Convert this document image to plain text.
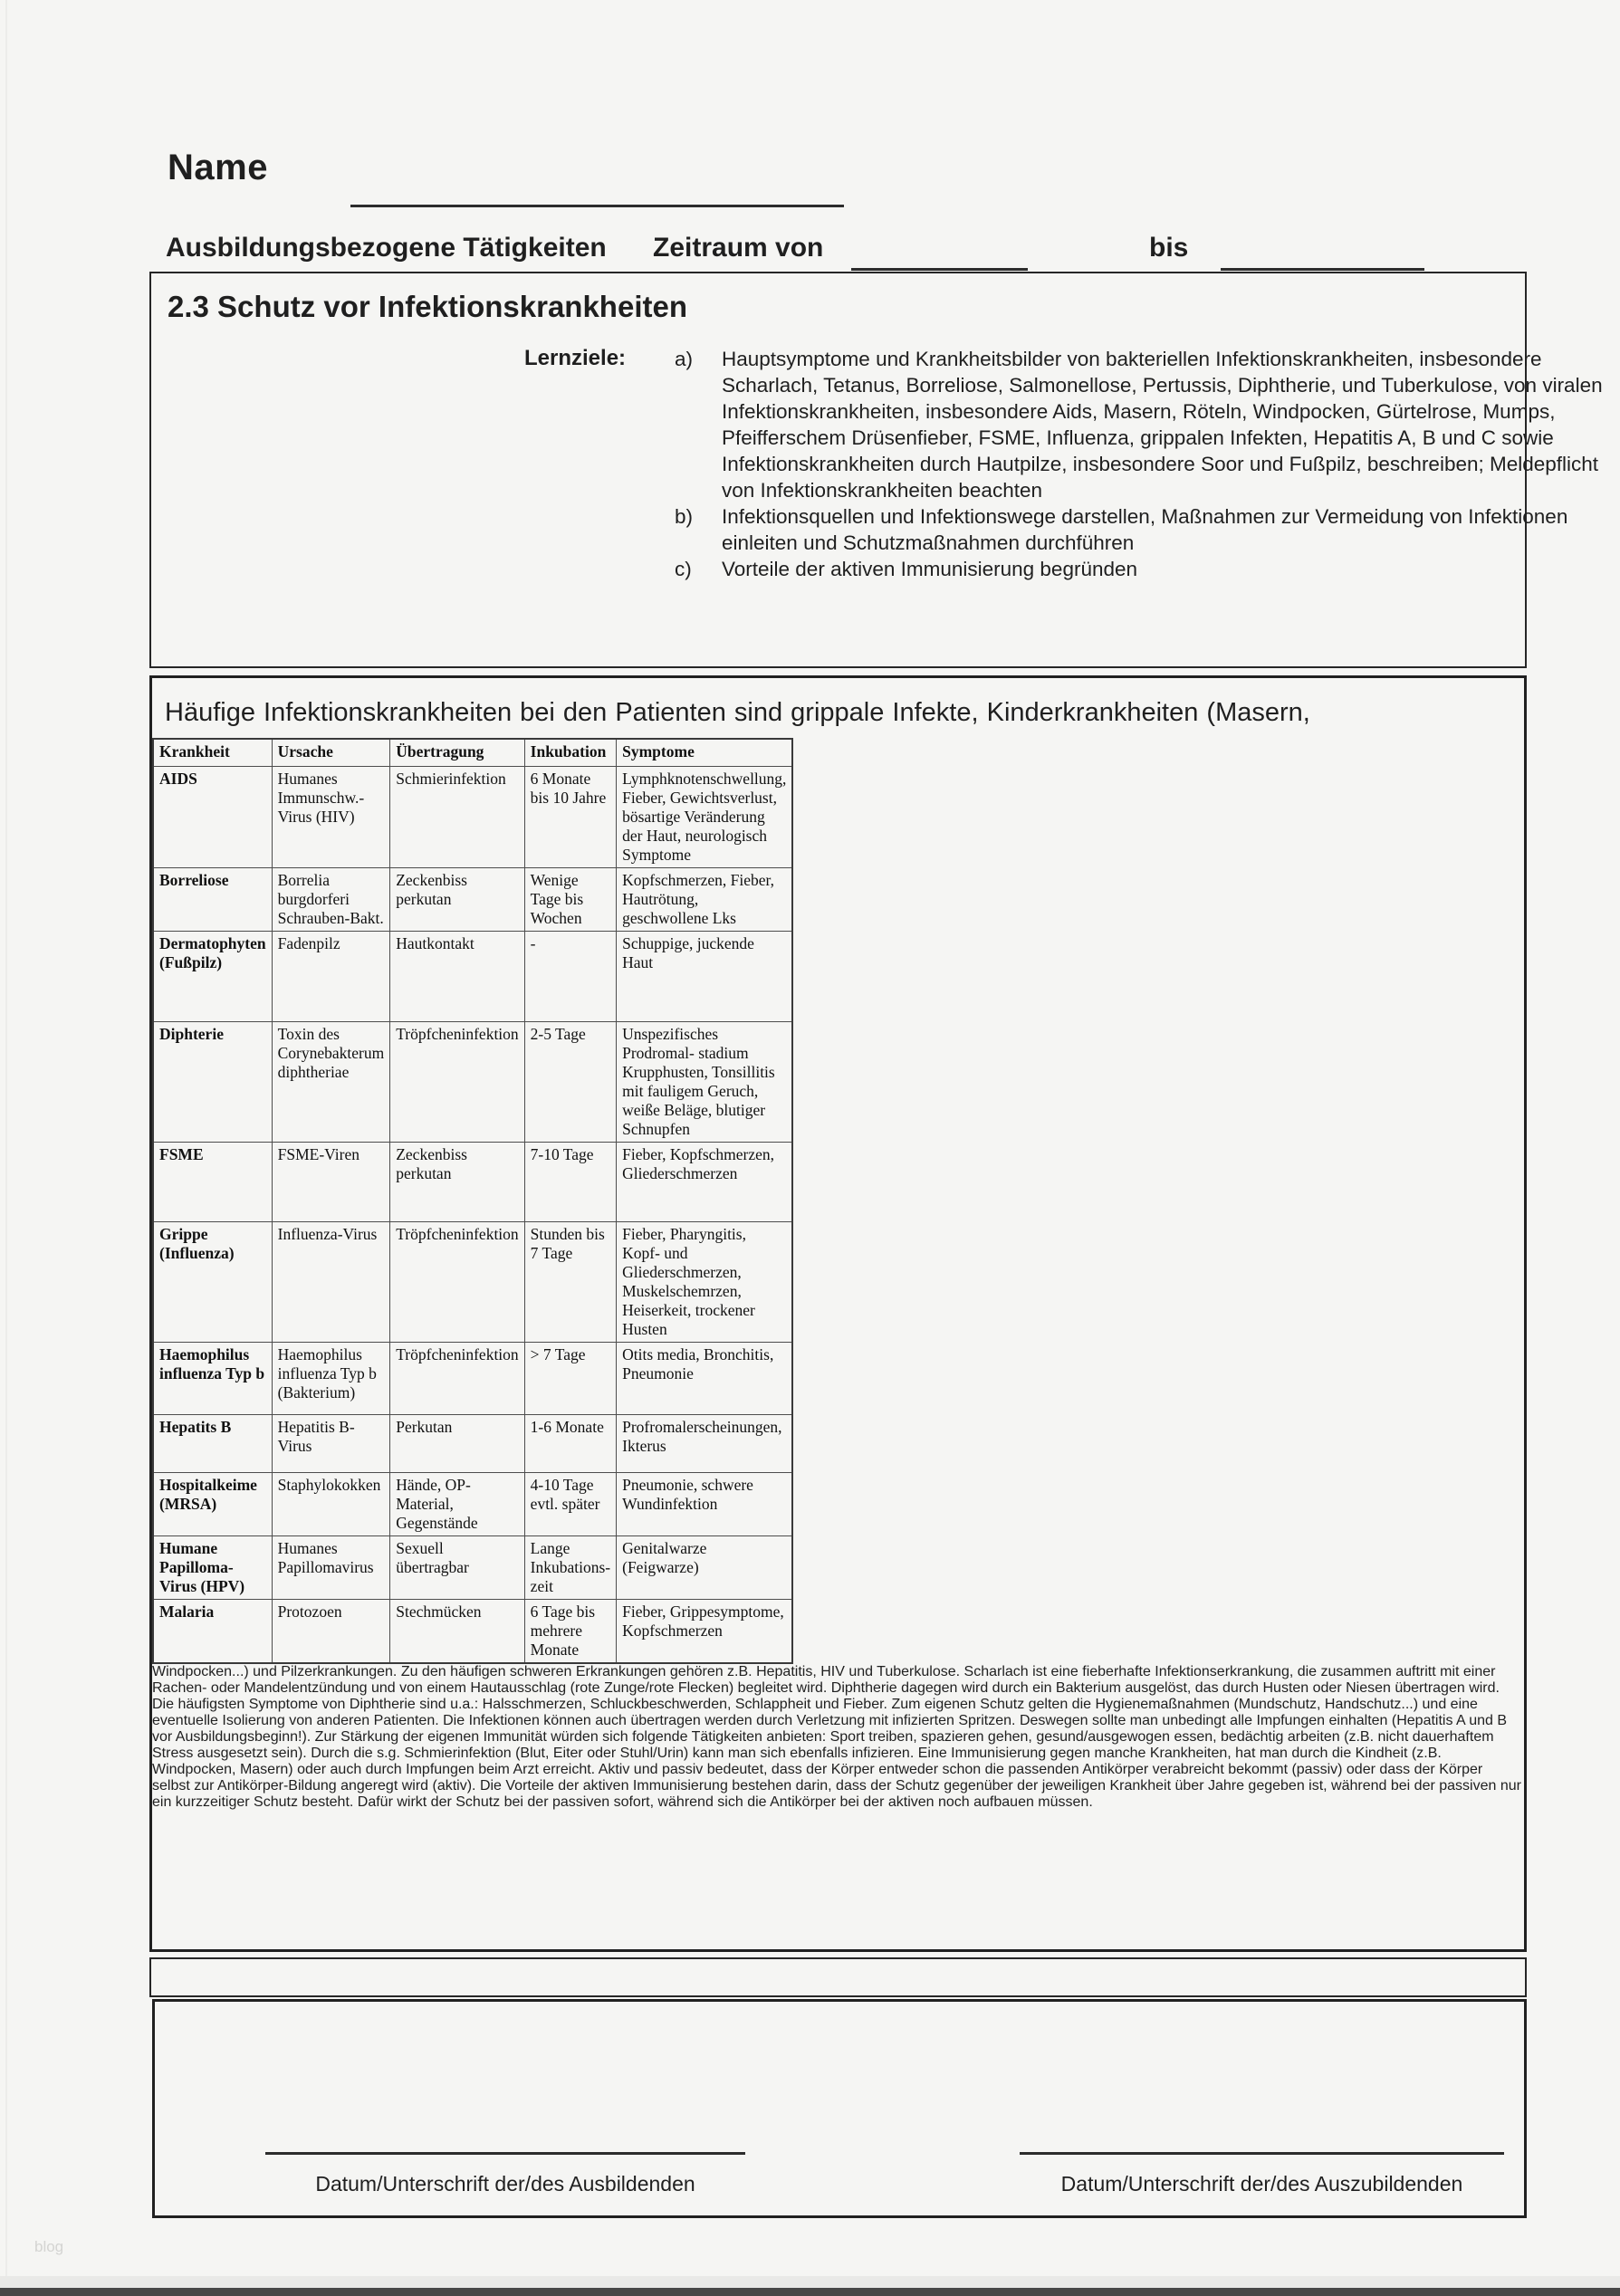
Name
Ausbildungsbezogene Tätigkeiten Zeitraum von	bis
2.3 Schutz vor Infektionskrankheiten
Lernziele: a)	Hauptsymptome und Krankheitsbilder von bakteriellen Infektionskrankheiten, insbesondere Scharlach, Tetanus, Borreliose, Salmonellose, Pertussis, Diphtherie, und Tuberkulose, von viralen Infektionskrankheiten, insbesondere Aids, Masern, Röteln, Windpocken, Gürtelrose, Mumps, Pfeifferschem Drüsenfieber, FSME, Influenza, grippalen Infekten, Hepatitis A, B und C sowie Infektionskrankheiten durch Hautpilze, insbesondere Soor und Fußpilz, beschreiben; Meldepflicht von Infektionskrankheiten beachten
b)	Infektionsquellen und Infektionswege darstellen, Maßnahmen zur Vermeidung von Infektionen einleiten und Schutzmaßnahmen durchführen
c)	Vorteile der aktiven Immunisierung begründen

Häufige Infektionskrankheiten bei den Patienten sind grippale Infekte, Kinderkrankheiten (Masern,

Krankheit	Ursache	Übertragung	Inkubation	Symptome
AIDS	Humanes Immunschw.- Virus (HIV)	Schmierinfektion	6 Monate bis 10 Jahre	Lymphknotenschwellung, Fieber, Gewichtsverlust, bösartige Veränderung der Haut, neurologisch Symptome
Borreliose	Borrelia burgdorferi Schrauben-Bakt.	Zeckenbiss perkutan	Wenige Tage bis Wochen	Kopfschmerzen, Fieber, Hautrötung, geschwollene Lks
Dermatophyten (Fußpilz)	Fadenpilz	Hautkontakt	-	Schuppige, juckende Haut
Diphterie	Toxin des Corynebakterum diphtheriae	Tröpfcheninfektion	2-5 Tage	Unspezifisches Prodromal- stadium Krupphusten, Tonsillitis mit fauligem Geruch, weiße Beläge, blutiger Schnupfen
FSME	FSME-Viren	Zeckenbiss perkutan	7-10 Tage	Fieber, Kopfschmerzen, Gliederschmerzen
Grippe (Influenza)	Influenza-Virus	Tröpfcheninfektion	Stunden bis 7 Tage	Fieber, Pharyngitis, Kopf- und Gliederschmerzen, Muskelschemrzen, Heiserkeit, trockener Husten
Haemophilus influenza Typ b	Haemophilus influenza Typ b (Bakterium)	Tröpfcheninfektion	> 7 Tage	Otits media, Bronchitis, Pneumonie
Hepatits B	Hepatitis B- Virus	Perkutan	1-6 Monate	Profromalerscheinungen, Ikterus
Hospitalkeime (MRSA)	Staphylokokken	Hände, OP- Material, Gegenstände	4-10 Tage evtl. später	Pneumonie, schwere Wundinfektion
Humane Papilloma-Virus (HPV)	Humanes Papillomavirus	Sexuell übertragbar	Lange Inkubations- zeit	Genitalwarze (Feigwarze)
Malaria	Protozoen	Stechmücken	6 Tage bis mehrere Monate	Fieber, Grippesymptome, Kopfschmerzen
Windpocken...) und Pilzerkrankungen. Zu den häufigen schweren Erkrankungen gehören z.B. Hepatitis, HIV und Tuberkulose. Scharlach ist eine fieberhafte Infektionserkrankung, die zusammen auftritt mit einer Rachen- oder Mandelentzündung und von einem Hautausschlag (rote Zunge/rote Flecken) begleitet wird. Diphtherie dagegen wird durch ein Bakterium ausgelöst, das durch Husten oder Niesen übertragen wird. Die häufigsten Symptome von Diphtherie sind u.a.: Halsschmerzen, Schluckbeschwerden, Schlappheit und Fieber. Zum eigenen Schutz gelten die Hygienemaßnahmen (Mundschutz, Handschutz...) und eine eventuelle Isolierung von anderen Patienten. Die Infektionen können auch übertragen werden durch Verletzung mit infizierten Spritzen. Deswegen sollte man unbedingt alle Impfungen einhalten (Hepatitis A und B vor Ausbildungsbeginn!). Zur Stärkung der eigenen Immunität würden sich folgende Tätigkeiten anbieten: Sport treiben, spazieren gehen, gesund/ausgewogen essen, bedächtig arbeiten (z.B. nicht dauerhaftem Stress ausgesetzt sein). Durch die s.g. Schmierinfektion (Blut, Eiter oder Stuhl/Urin) kann man sich ebenfalls infizieren. Eine Immunisierung gegen manche Krankheiten, hat man durch die Kindheit (z.B. Windpocken, Masern) oder auch durch Impfungen beim Arzt erreicht. Aktiv und passiv bedeutet, dass der Körper entweder schon die passenden Antikörper verabreicht bekommt (passiv) oder dass der Körper selbst zur Antikörper-Bildung angeregt wird (aktiv). Die Vorteile der aktiven Immunisierung bestehen darin, dass der Schutz gegenüber der jeweiligen Krankheit über Jahre gegeben ist, während bei der passiven nur ein kurzzeitiger Schutz besteht. Dafür wirkt der Schutz bei der passiven sofort, während sich die Antikörper bei der aktiven noch aufbauen müssen.

Datum/Unterschrift der/des Ausbildenden	Datum/Unterschrift der/des Auszubildenden
blog
